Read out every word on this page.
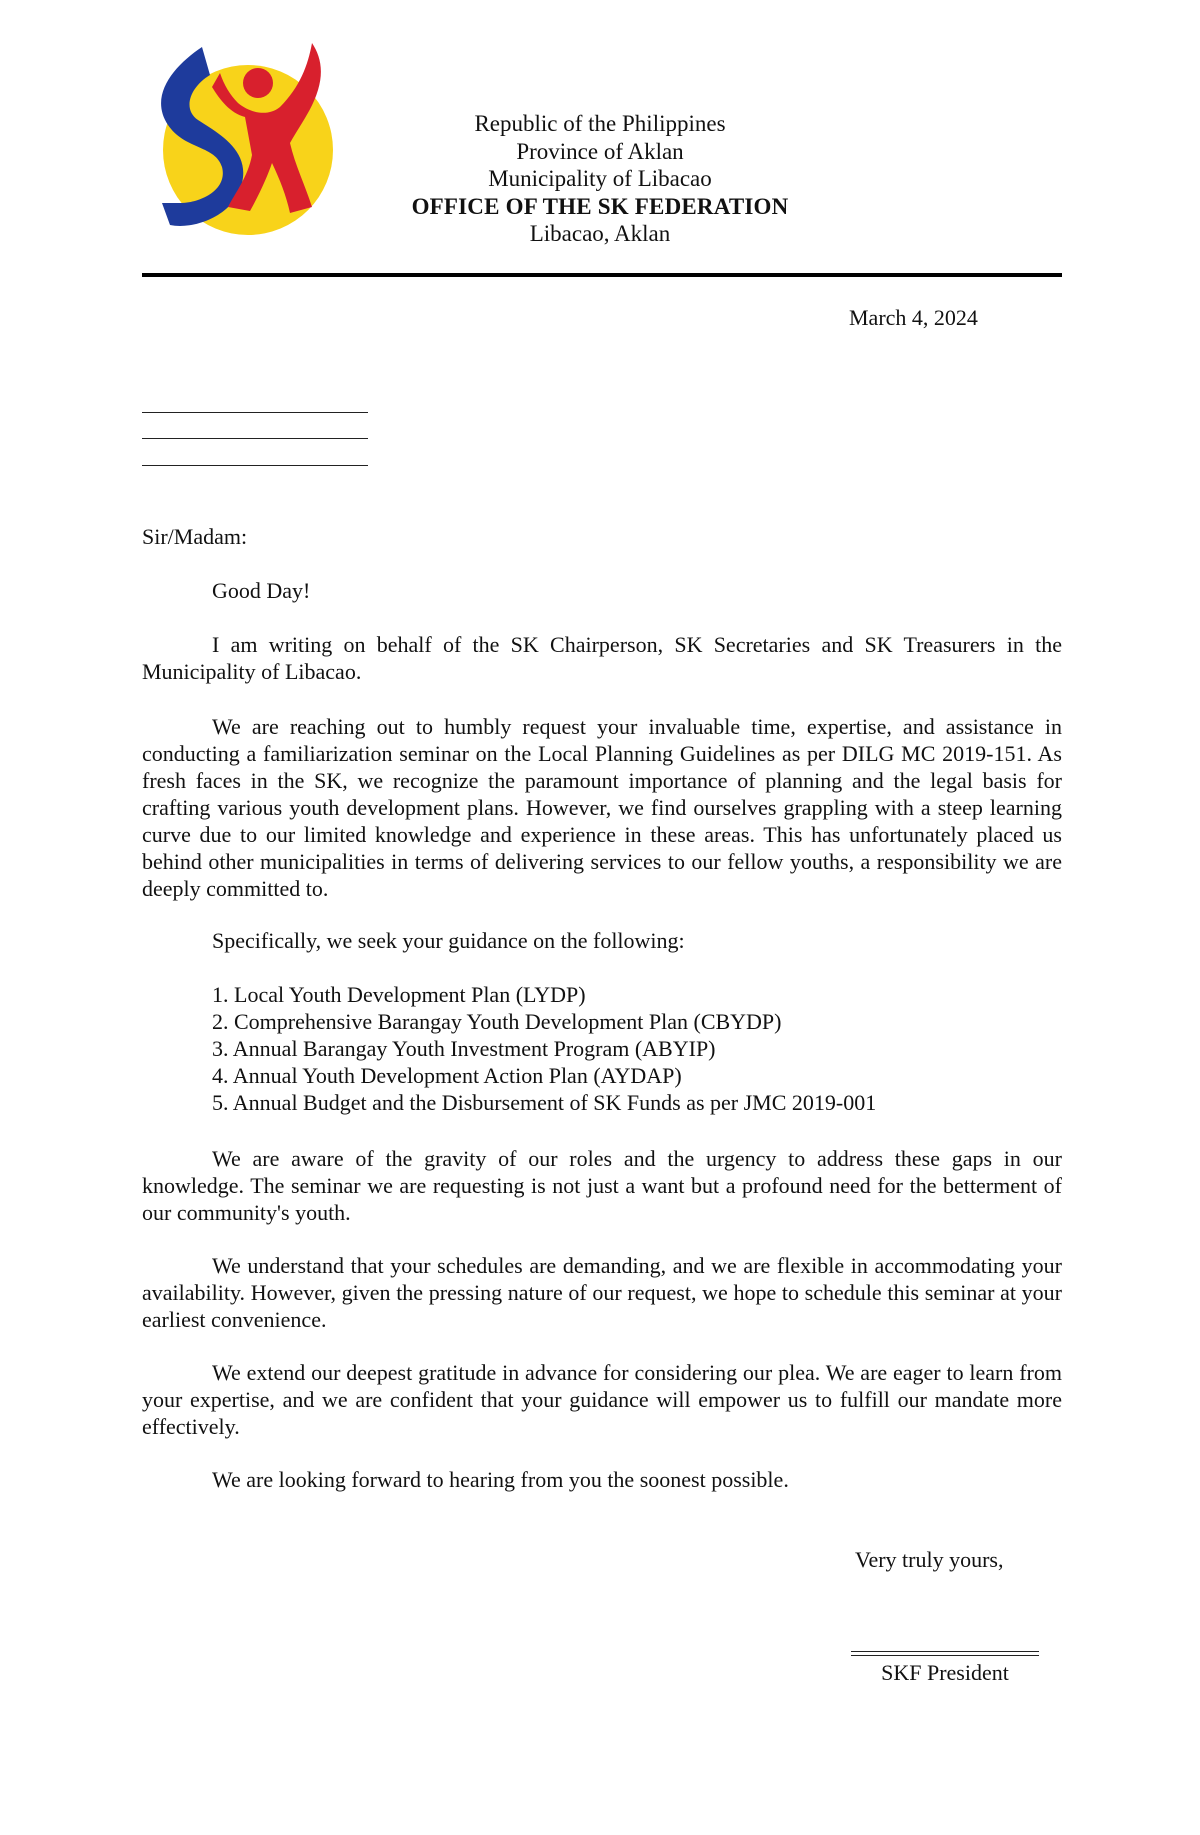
Republic of the Philippines
Province of Aklan
Municipality of Libacao
OFFICE OF THE SK FEDERATION
Libacao, Aklan
March 4, 2024
Sir/Madam:
Good Day!
I am writing on behalf of the SK Chairperson, SK Secretaries and SK Treasurers in the Municipality of Libacao.
We are reaching out to humbly request your invaluable time, expertise, and assistance in conducting a familiarization seminar on the Local Planning Guidelines as per DILG MC 2019-151. As fresh faces in the SK, we recognize the paramount importance of planning and the legal basis for crafting various youth development plans. However, we find ourselves grappling with a steep learning curve due to our limited knowledge and experience in these areas. This has unfortunately placed us behind other municipalities in terms of delivering services to our fellow youths, a responsibility we are deeply committed to.
Specifically, we seek your guidance on the following:
1. Local Youth Development Plan (LYDP)
2. Comprehensive Barangay Youth Development Plan (CBYDP)
3. Annual Barangay Youth Investment Program (ABYIP)
4. Annual Youth Development Action Plan (AYDAP)
5. Annual Budget and the Disbursement of SK Funds as per JMC 2019-001
We are aware of the gravity of our roles and the urgency to address these gaps in our knowledge. The seminar we are requesting is not just a want but a profound need for the betterment of our community's youth.
We understand that your schedules are demanding, and we are flexible in accommodating your availability. However, given the pressing nature of our request, we hope to schedule this seminar at your earliest convenience.
We extend our deepest gratitude in advance for considering our plea. We are eager to learn from your expertise, and we are confident that your guidance will empower us to fulfill our mandate more effectively.
We are looking forward to hearing from you the soonest possible.
Very truly yours,
SKF President
